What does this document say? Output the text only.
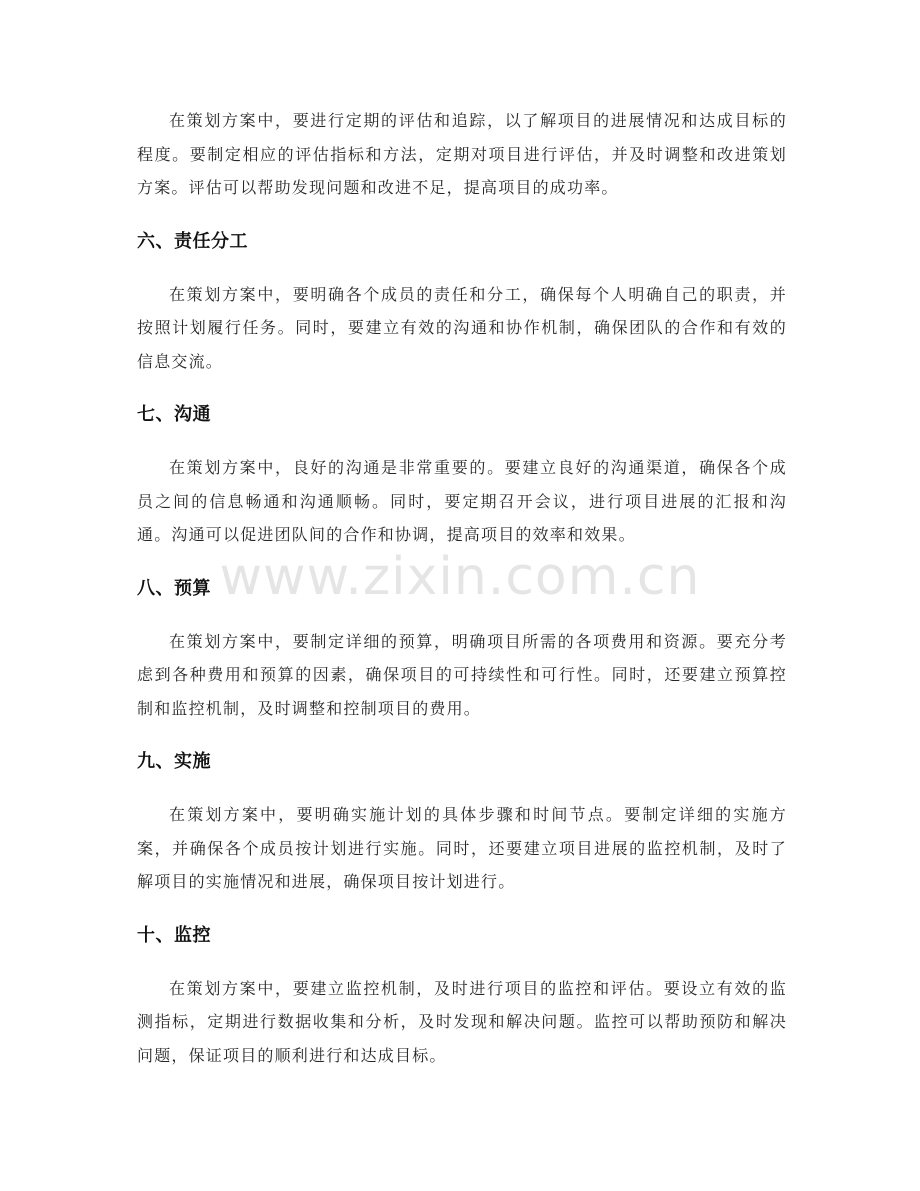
在策划方案中，要进行定期的评估和追踪，以了解项目的进展情况和达成目标的程度。要制定相应的评估指标和方法，定期对项目进行评估，并及时调整和改进策划方案。评估可以帮助发现问题和改进不足，提高项目的成功率。

六、责任分工

在策划方案中，要明确各个成员的责任和分工，确保每个人明确自己的职责，并按照计划履行任务。同时，要建立有效的沟通和协作机制，确保团队的合作和有效的信息交流。

七、沟通

在策划方案中，良好的沟通是非常重要的。要建立良好的沟通渠道，确保各个成员之间的信息畅通和沟通顺畅。同时，要定期召开会议，进行项目进展的汇报和沟通。沟通可以促进团队间的合作和协调，提高项目的效率和效果。

八、预算

在策划方案中，要制定详细的预算，明确项目所需的各项费用和资源。要充分考虑到各种费用和预算的因素，确保项目的可持续性和可行性。同时，还要建立预算控制和监控机制，及时调整和控制项目的费用。

九、实施

在策划方案中，要明确实施计划的具体步骤和时间节点。要制定详细的实施方案，并确保各个成员按计划进行实施。同时，还要建立项目进展的监控机制，及时了解项目的实施情况和进展，确保项目按计划进行。

十、监控

在策划方案中，要建立监控机制，及时进行项目的监控和评估。要设立有效的监测指标，定期进行数据收集和分析，及时发现和解决问题。监控可以帮助预防和解决问题，保证项目的顺利进行和达成目标。

www.zixin.com.cn
